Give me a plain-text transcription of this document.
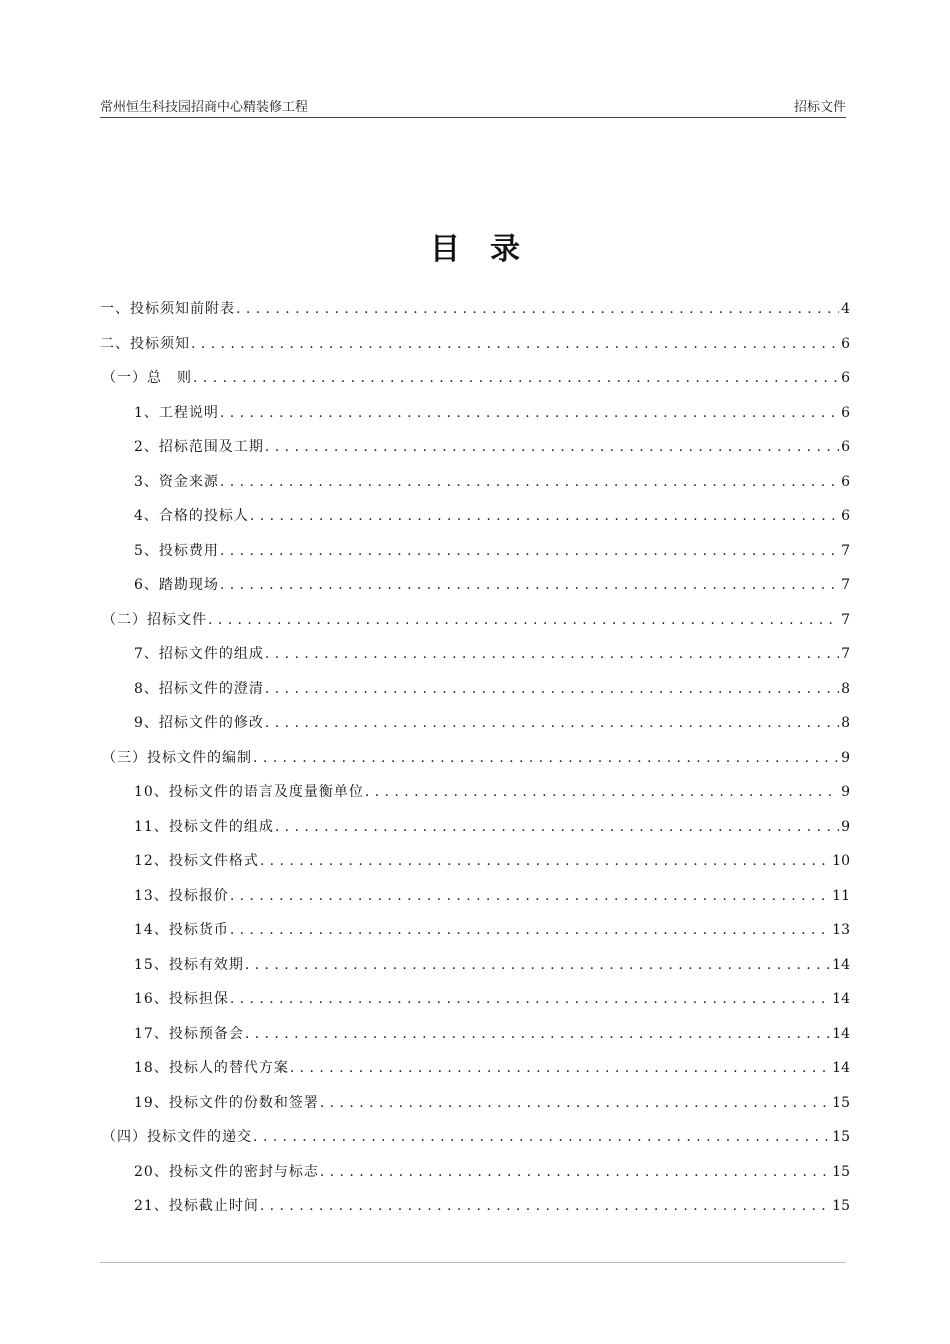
常州恒生科技园招商中心精装修工程	招标文件
目录
一、投标须知前附表 .....	4
二、投标须知 .....	6
（一）总　则 .....	6
1、工程说明 .....	6
2、招标范围及工期 .....	6
3、资金来源 .....	6
4、合格的投标人 .....	6
5、投标费用 .....	7
6、踏勘现场 .....	7
（二）招标文件 .....	7
7、招标文件的组成 .....	7
8、招标文件的澄清 .....	8
9、招标文件的修改 .....	8
（三）投标文件的编制 .....	9
10、投标文件的语言及度量衡单位 .....	9
11、投标文件的组成 .....	9
12、投标文件格式 .....	10
13、投标报价 .....	11
14、投标货币 .....	13
15、投标有效期 .....	14
16、投标担保 .....	14
17、投标预备会 .....	14
18、投标人的替代方案 .....	14
19、投标文件的份数和签署 .....	15
（四）投标文件的递交 .....	15
20、投标文件的密封与标志 .....	15
21、投标截止时间 .....	15
